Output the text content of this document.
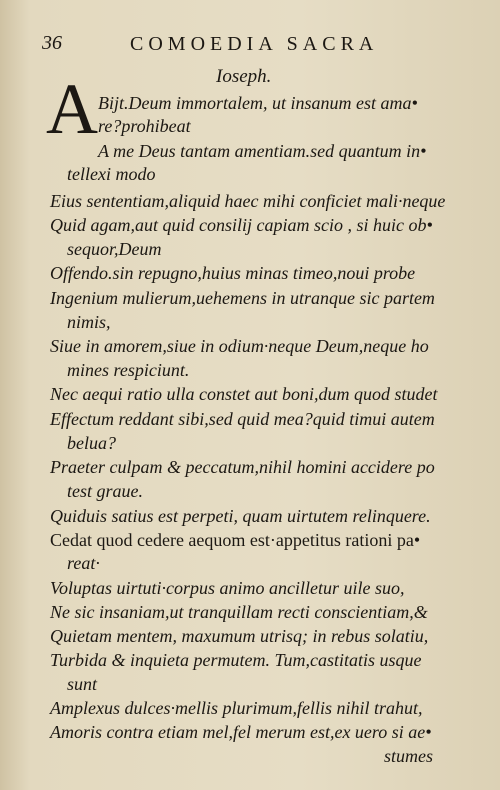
36	COMOEDIA SACRA
Ioseph.
A Bijt.Deum immortalem, ut insanum est ama•
re?prohibeat
A me Deus tantam amentiam.sed quantum in•
tellexi modo
Eius sententiam,aliquid haec mihi conficiet mali·neque
Quid agam,aut quid consilij capiam scio , si huic ob•
sequor,Deum
Offendo.sin repugno,huius minas timeo,noui probe
Ingenium mulierum,uehemens in utranque sic partem
nimis,
Siue in amorem,siue in odium·neque Deum,neque ho
mines respiciunt.
Nec aequi ratio ulla constet aut boni,dum quod studet
Effectum reddant sibi,sed quid mea?quid timui autem
belua?
Praeter culpam & peccatum,nihil homini accidere po
test graue.
Quiduis satius est perpeti, quam uirtutem relinquere.
Cedat quod cedere aequom est·appetitus rationi pa•
reat·
Voluptas uirtuti·corpus animo ancilletur uile suo,
Ne sic insaniam,ut tranquillam recti conscientiam,&
Quietam mentem, maxumum utrisq; in rebus solatiu,
Turbida & inquieta permutem. Tum,castitatis usque
sunt
Amplexus dulces·mellis plurimum,fellis nihil trahut,
Amoris contra etiam mel,fel merum est,ex uero si ae•
stumes
